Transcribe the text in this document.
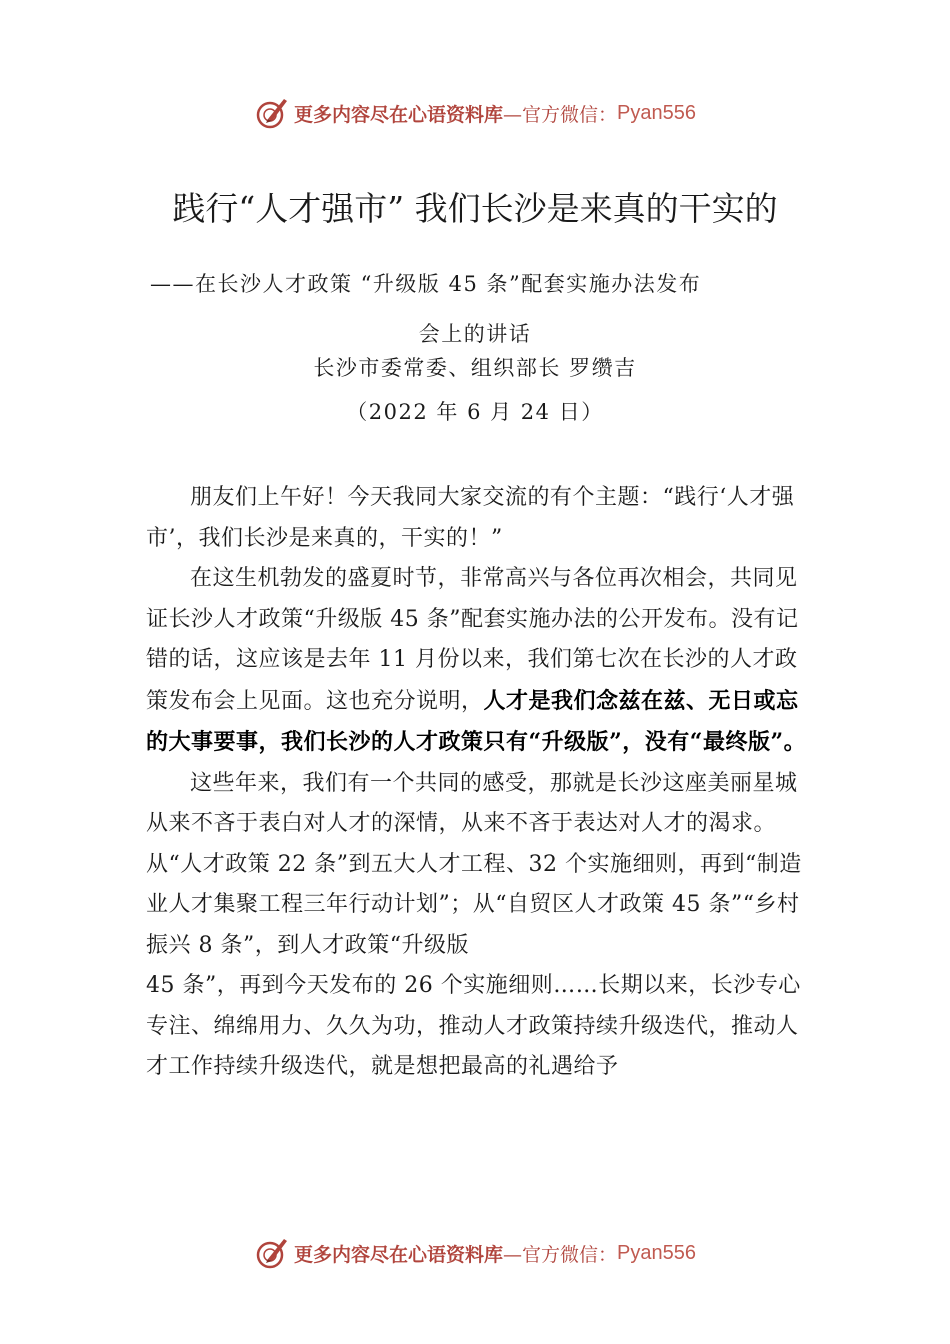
更多内容尽在心语资料库 —官方微信： Pyan556
践行“人才强市” 我们长沙是来真的干实的
——在长沙人才政策 “升级版 45 条”配套实施办法发布
会上的讲话
长沙市委常委、组织部长 罗缵吉
（2022 年 6 月 24 日）

朋友们上午好！今天我同大家交流的有个主题：“践行‘人才强市’，我们长沙是来真的，干实的！”

在这生机勃发的盛夏时节，非常高兴与各位再次相会，共同见证长沙人才政策“升级版 45 条”配套实施办法的公开发布。没有记错的话，这应该是去年 11 月份以来，我们第七次在长沙的人才政策发布会上见面。这也充分说明，人才是我们念兹在兹、无日或忘的大事要事，我们长沙的人才政策只有“升级版”，没有“最终版”。

这些年来，我们有一个共同的感受，那就是长沙这座美丽星城从来不吝于表白对人才的深情，从来不吝于表达对人才的渴求。从“人才政策 22 条”到五大人才工程、32 个实施细则，再到“制造业人才集聚工程三年行动计划”；从“自贸区人才政策 45 条”“乡村振兴 8 条”，到人才政策“升级版

45 条”，再到今天发布的 26 个实施细则……长期以来，长沙专心专注、绵绵用力、久久为功，推动人才政策持续升级迭代，推动人才工作持续升级迭代，就是想把最高的礼遇给予

更多内容尽在心语资料库 —官方微信： Pyan556
